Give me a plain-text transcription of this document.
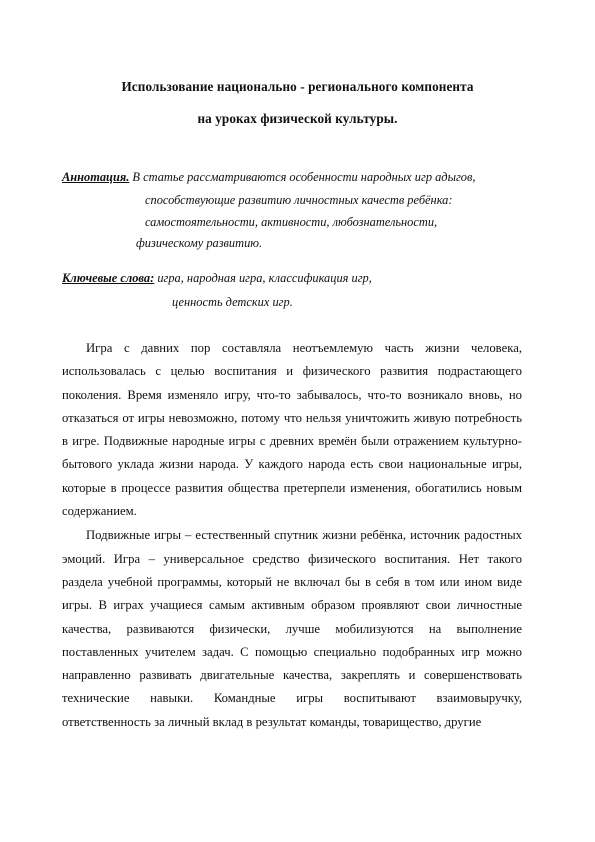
Использование национально - регионального компонента
на уроках физической культуры.
Аннотация. В статье рассматриваются особенности народных игр адыгов,
способствующие развитию личностных качеств ребёнка:
самостоятельности, активности, любознательности,
физическому развитию.
Ключевые слова: игра, народная игра, классификация игр,
ценность детских игр.

Игра с давних пор составляла неотъемлемую часть жизни человека, использовалась с целью воспитания и физического развития подрастающего поколения. Время изменяло игру, что-то забывалось, что-то возникало вновь, но отказаться от игры невозможно, потому что нельзя уничтожить живую потребность в игре. Подвижные народные игры с древних времён были отражением культурно-бытового уклада жизни народа. У каждого народа есть свои национальные игры, которые в процессе развития общества претерпели изменения, обогатились новым содержанием.

Подвижные игры – естественный спутник жизни ребёнка, источник радостных эмоций. Игра – универсальное средство физического воспитания. Нет такого раздела учебной программы, который не включал бы в себя в том или ином виде игры. В играх учащиеся самым активным образом проявляют свои личностные качества, развиваются физически, лучше мобилизуются на выполнение поставленных учителем задач. С помощью специально подобранных игр можно направленно развивать двигательные качества, закреплять и совершенствовать технические навыки. Командные игры воспитывают взаимовыручку, ответственность за личный вклад в результат команды, товарищество, другие
